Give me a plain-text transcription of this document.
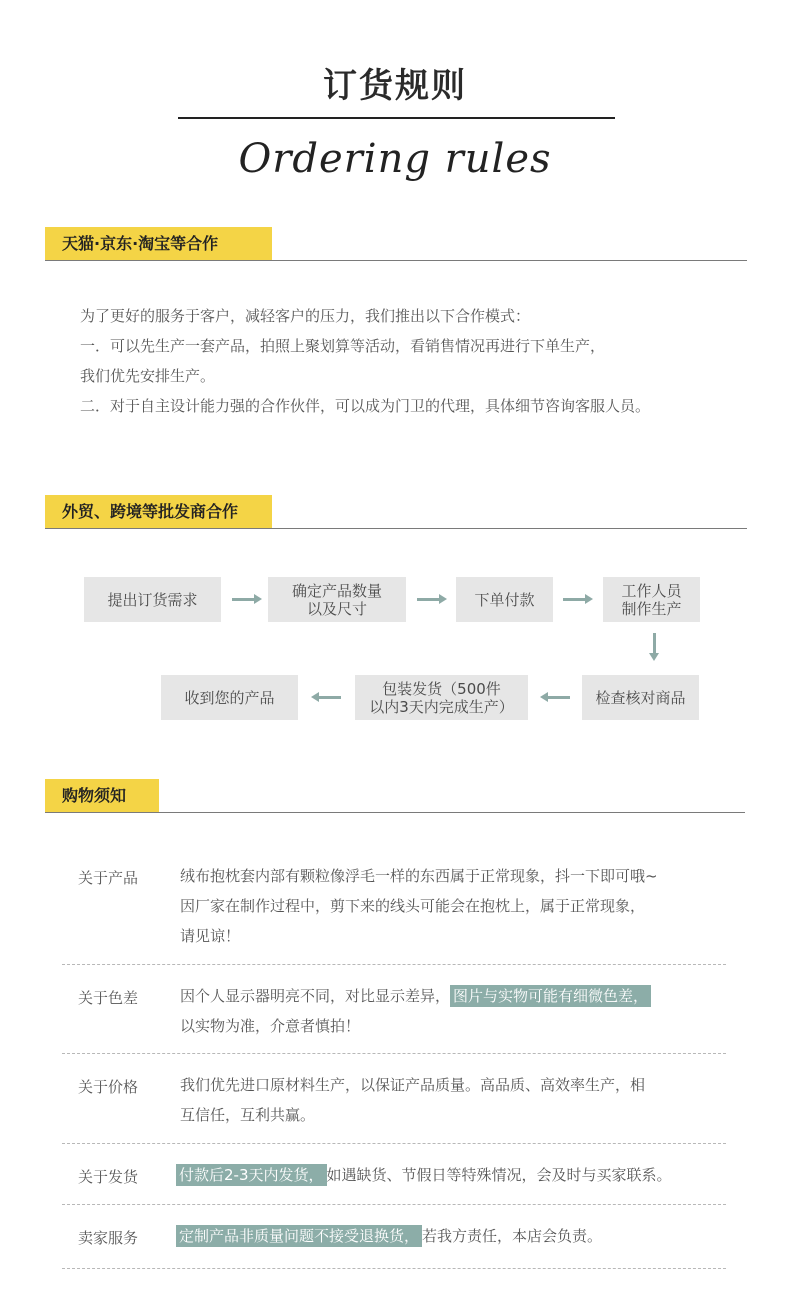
订货规则
Ordering rules
天猫·京东·淘宝等合作
为了更好的服务于客户，减轻客户的压力，我们推出以下合作模式：
一．可以先生产一套产品，拍照上聚划算等活动，看销售情况再进行下单生产，
我们优先安排生产。
二．对于自主设计能力强的合作伙伴，可以成为门卫的代理，具体细节咨询客服人员。
外贸、跨境等批发商合作
提出订货需求	确定产品数量
以及尺寸	下单付款	工作人员
制作生产
检查核对商品
包装发货（500件
以内3天内完成生产）
收到您的产品
购物须知
关于产品	绒布抱枕套内部有颗粒像浮毛一样的东西属于正常现象，抖一下即可哦~
因厂家在制作过程中，剪下来的线头可能会在抱枕上，属于正常现象，
请见谅！
关于色差	因个人显示器明亮不同，对比显示差异， 图片与实物可能有细微色差，
以实物为准，介意者慎拍！
关于价格	我们优先进口原材料生产，以保证产品质量。高品质、高效率生产，相
互信任，互利共赢。
关于发货	付款后2-3天内发货， 如遇缺货、节假日等特殊情况，会及时与买家联系。
卖家服务	定制产品非质量问题不接受退换货， 若我方责任，本店会负责。
